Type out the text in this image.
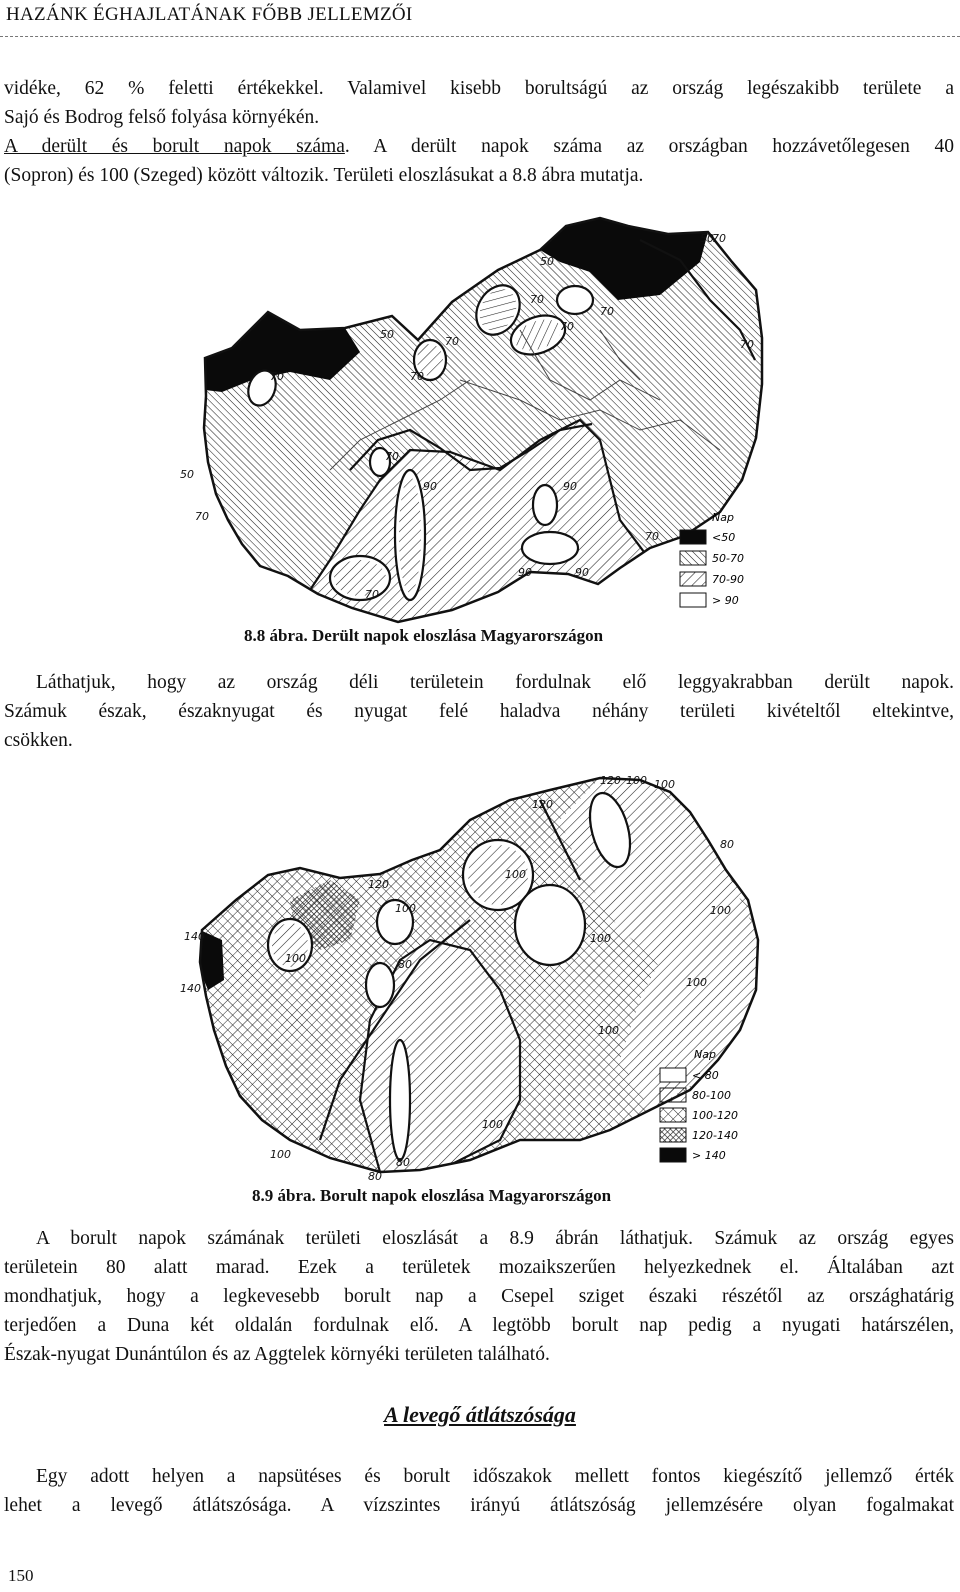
HAZÁNK ÉGHAJLATÁNAK FŐBB JELLEMZŐI
vidéke, 62 % feletti értékekkel. Valamivel kisebb borultságú az ország legészakibb területe a
Sajó és Bodrog felső folyása környékén.
A derült és borult napok száma. A derült napok száma az országban hozzávetőlegesen 40
(Sopron) és 100 (Szeged) között változik. Területi eloszlásukat a 8.8 ábra mutatja.
50
70
50
70
70
70
70
50
70
70
90	90
90	90
70
70
50
70
70
70
Nap
<50
50-70
70-90
> 90
8.8 ábra. Derült napok eloszlása Magyarországon
Láthatjuk, hogy az ország déli területein fordulnak elő leggyakrabban derült napok.
Számuk észak, északnyugat és nyugat felé haladva néhány területi kivételtől eltekintve,
csökken.
120 100 100
120
80
100
100
120
100
140
140
100	80
100
100
100
80
80
100
100
Nap
< 80
80-100
100-120
120-140
> 140
8.9 ábra. Borult napok eloszlása Magyarországon
A borult napok számának területi eloszlását a 8.9 ábrán láthatjuk. Számuk az ország egyes
területein 80 alatt marad. Ezek a területek mozaikszerűen helyezkednek el. Általában azt
mondhatjuk, hogy a legkevesebb borult nap a Csepel sziget északi részétől az országhatárig
terjedően a Duna két oldalán fordulnak elő. A legtöbb borult nap pedig a nyugati határszélen,
Észak-nyugat Dunántúlon és az Aggtelek környéki területen található.
A levegő átlátszósága
Egy adott helyen a napsütéses és borult időszakok mellett fontos kiegészítő jellemző érték
lehet a levegő átlátszósága. A vízszintes irányú átlátszóság jellemzésére olyan fogalmakat
150
